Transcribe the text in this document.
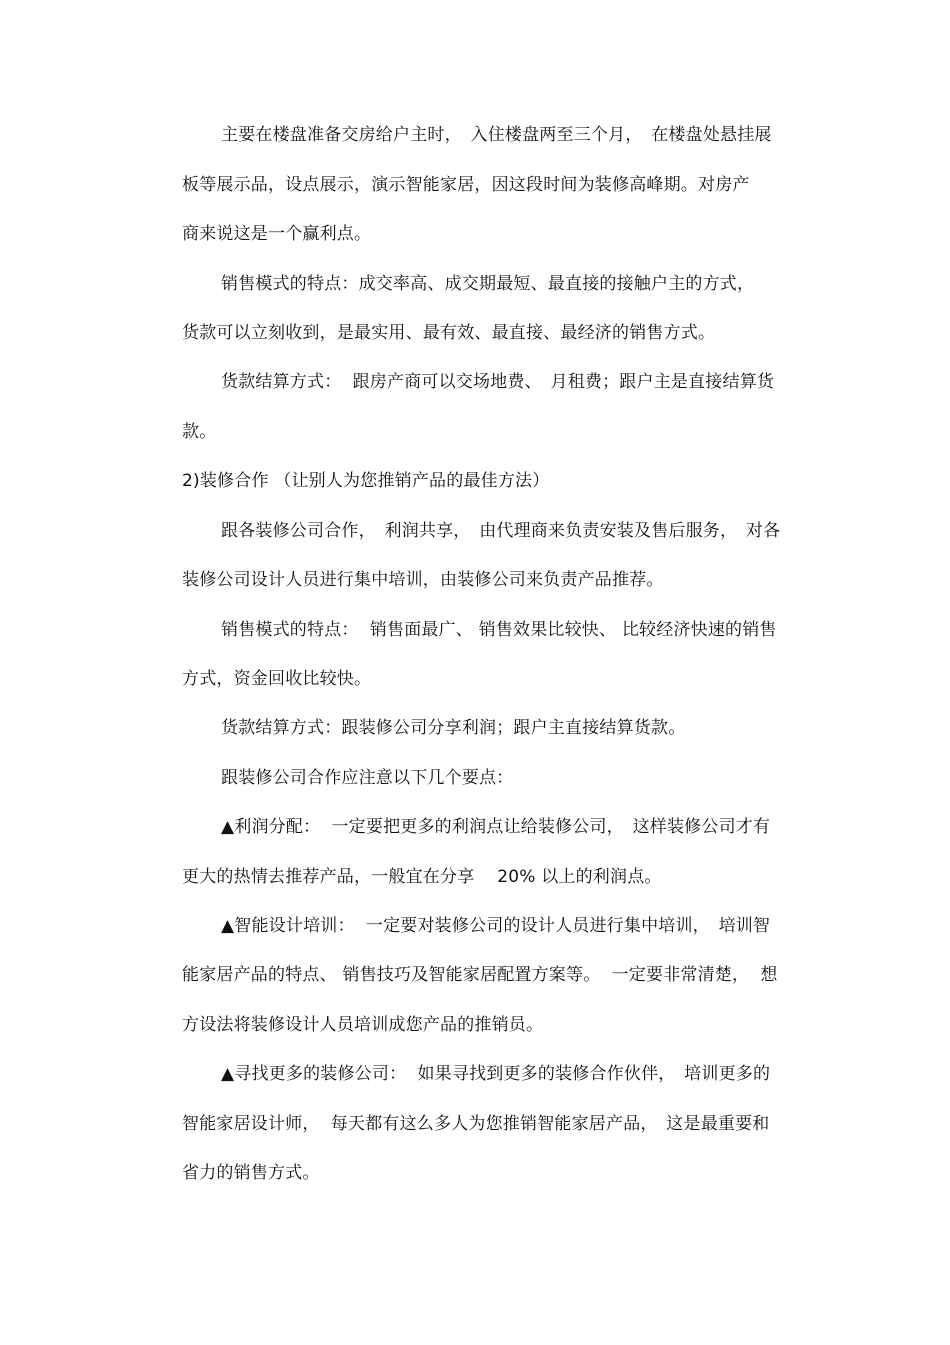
主要在楼盘准备交房给户主时，　入住楼盘两至三个月，　在楼盘处悬挂展
板等展示品，设点展示，演示智能家居，因这段时间为装修高峰期。对房产
商来说这是一个赢利点。
销售模式的特点：成交率高、成交期最短、最直接的接触户主的方式，
货款可以立刻收到，是最实用、最有效、最直接、最经济的销售方式。
货款结算方式：  跟房产商可以交场地费、　月租费；跟户主是直接结算货
款。
2)装修合作 （让别人为您推销产品的最佳方法）
跟各装修公司合作，　利润共享，　由代理商来负责安装及售后服务，　对各
装修公司设计人员进行集中培训，由装修公司来负责产品推荐。
销售模式的特点：  销售面最广、 销售效果比较快、 比较经济快速的销售
方式，资金回收比较快。
货款结算方式：跟装修公司分享利润；跟户主直接结算货款。
跟装修公司合作应注意以下几个要点：
▲利润分配：  一定要把更多的利润点让给装修公司，　这样装修公司才有
更大的热情去推荐产品，一般宜在分享　 20% 以上的利润点。
▲智能设计培训：  一定要对装修公司的设计人员进行集中培训，　培训智
能家居产品的特点、 销售技巧及智能家居配置方案等。  一定要非常清楚，  想
方设法将装修设计人员培训成您产品的推销员。
▲寻找更多的装修公司：  如果寻找到更多的装修合作伙伴，　培训更多的
智能家居设计师，  每天都有这么多人为您推销智能家居产品，　这是最重要和
省力的销售方式。
